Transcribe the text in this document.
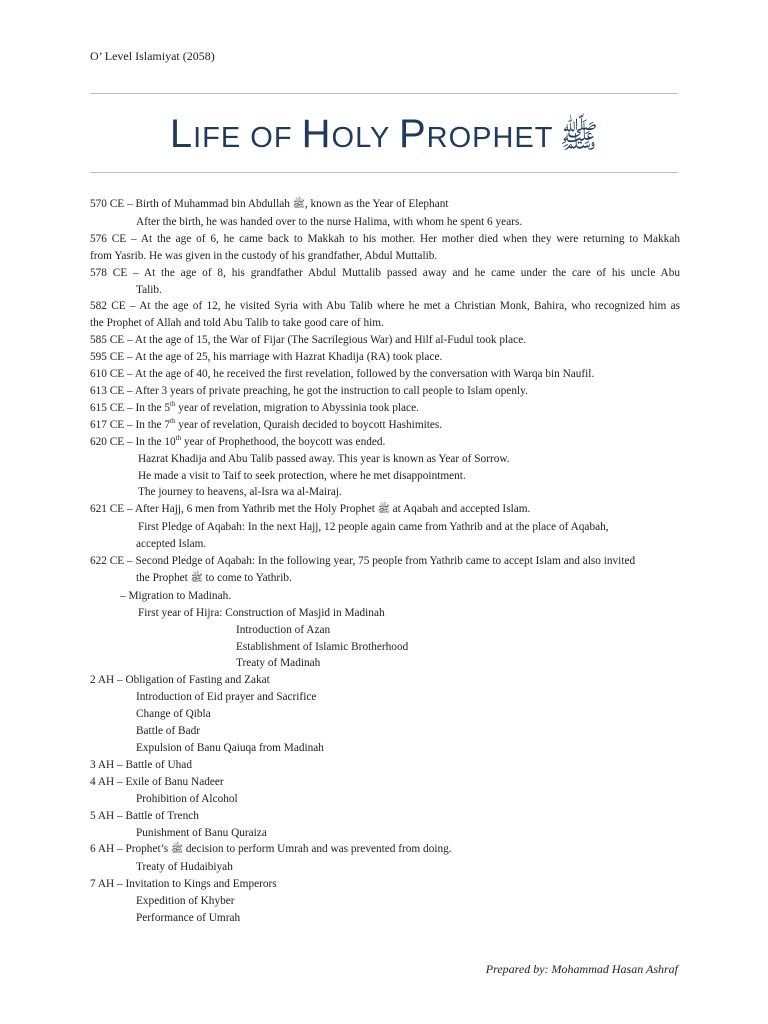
O’ Level Islamiyat (2058)
LIFE OF HOLY PROPHET ﷺ
570 CE – Birth of Muhammad bin Abdullah ﷺ, known as the Year of Elephant
After the birth, he was handed over to the nurse Halima, with whom he spent 6 years.
576 CE – At the age of 6, he came back to Makkah to his mother. Her mother died when they were returning to Makkah
from Yasrib. He was given in the custody of his grandfather, Abdul Muttalib.
578 CE – At the age of 8, his grandfather Abdul Muttalib passed away and he came under the care of his uncle Abu
Talib.
582 CE – At the age of 12, he visited Syria with Abu Talib where he met a Christian Monk, Bahira, who recognized him as
the Prophet of Allah and told Abu Talib to take good care of him.
585 CE – At the age of 15, the War of Fijar (The Sacrilegious War) and Hilf al-Fudul took place.
595 CE – At the age of 25, his marriage with Hazrat Khadija (RA) took place.
610 CE – At the age of 40, he received the first revelation, followed by the conversation with Warqa bin Naufil.
613 CE – After 3 years of private preaching, he got the instruction to call people to Islam openly.
615 CE – In the 5th year of revelation, migration to Abyssinia took place.
617 CE – In the 7th year of revelation, Quraish decided to boycott Hashimites.
620 CE – In the 10th year of Prophethood, the boycott was ended.
Hazrat Khadija and Abu Talib passed away. This year is known as Year of Sorrow.
He made a visit to Taif to seek protection, where he met disappointment.
The journey to heavens, al-Isra wa al-Mairaj.
621 CE – After Hajj, 6 men from Yathrib met the Holy Prophet ﷺ at Aqabah and accepted Islam.
First Pledge of Aqabah: In the next Hajj, 12 people again came from Yathrib and at the place of Aqabah,
accepted Islam.
622 CE – Second Pledge of Aqabah: In the following year, 75 people from Yathrib came to accept Islam and also invited
the Prophet ﷺ to come to Yathrib.
– Migration to Madinah.
First year of Hijra: Construction of Masjid in Madinah
Introduction of Azan
Establishment of Islamic Brotherhood
Treaty of Madinah
2 AH – Obligation of Fasting and Zakat
Introduction of Eid prayer and Sacrifice
Change of Qibla
Battle of Badr
Expulsion of Banu Qaiuqa from Madinah
3 AH – Battle of Uhad
4 AH – Exile of Banu Nadeer
Prohibition of Alcohol
5 AH – Battle of Trench
Punishment of Banu Quraiza
6 AH – Prophet’s ﷺ decision to perform Umrah and was prevented from doing.
Treaty of Hudaibiyah
7 AH – Invitation to Kings and Emperors
Expedition of Khyber
Performance of Umrah
Prepared by: Mohammad Hasan Ashraf
